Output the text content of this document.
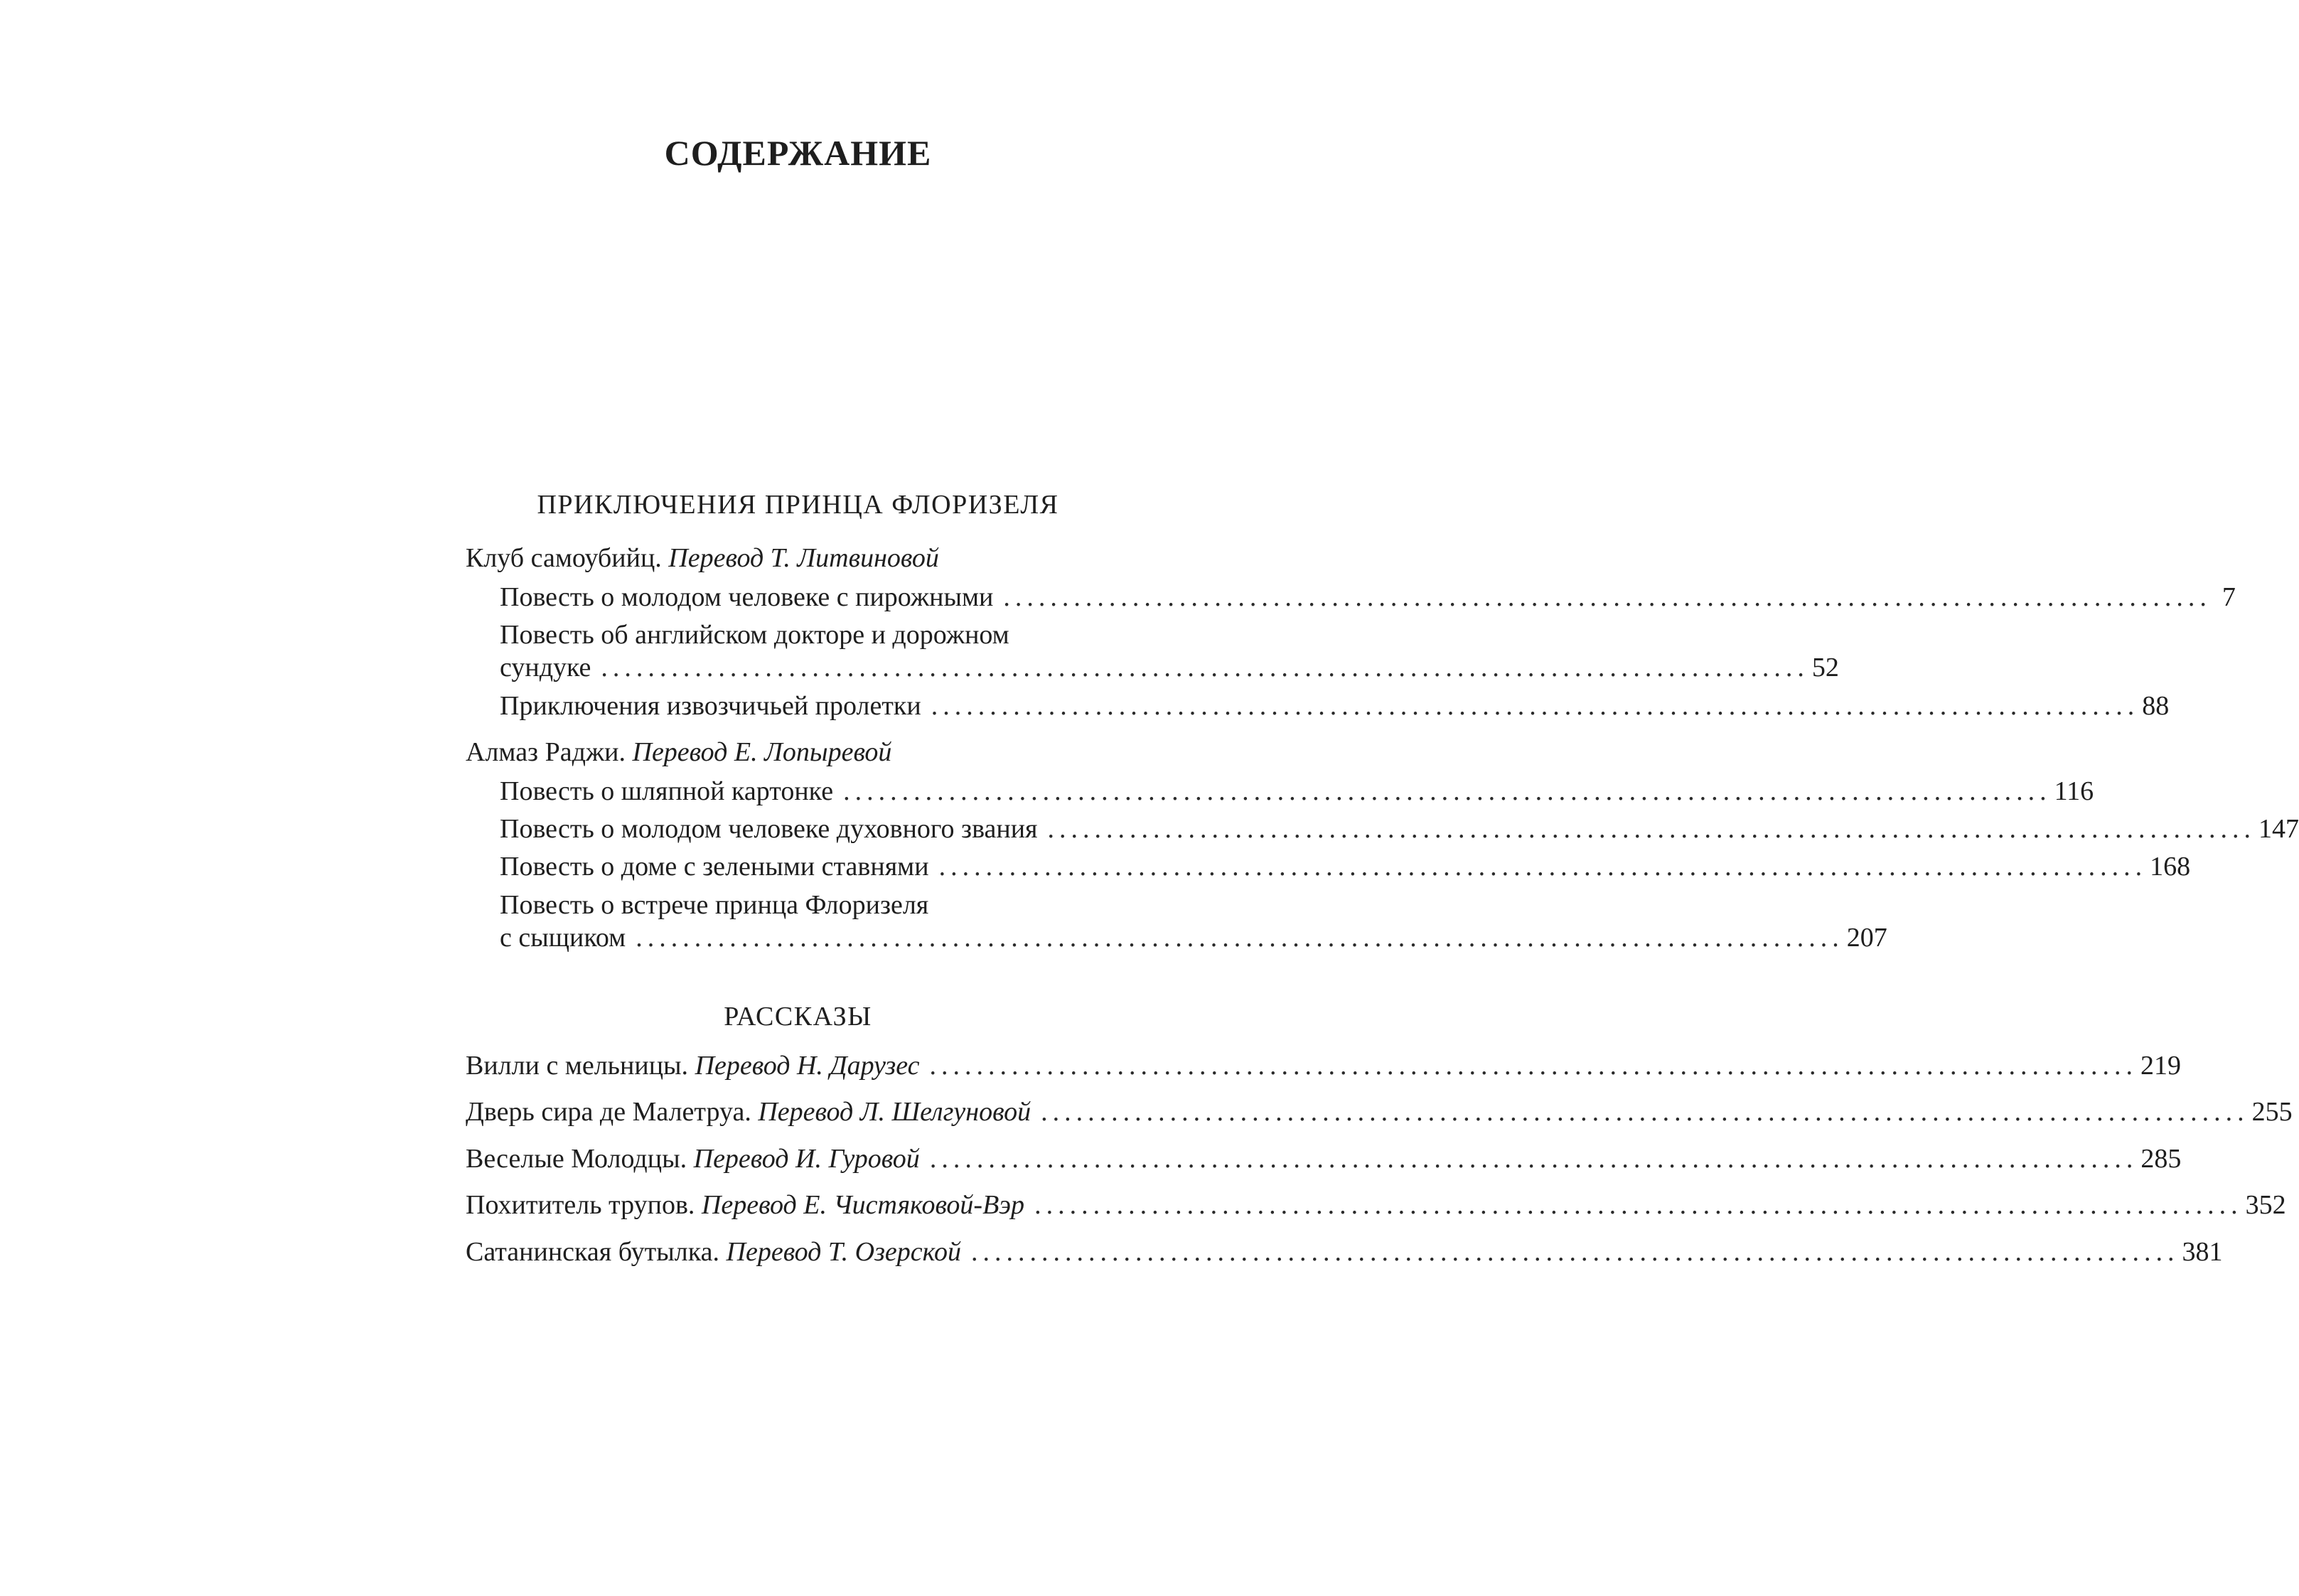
СОДЕРЖАНИЕ
ПРИКЛЮЧЕНИЯ ПРИНЦА ФЛОРИЗЕЛЯ
Клуб самоубийц. Перевод Т. Литвиновой
Повесть о молодом человеке с пирожными ....................................................................................................... 7
Повесть об английском докторе и дорожном
сундуке ....................................................................................................... 52
Приключения извозчичьей пролетки ....................................................................................................... 88
Алмаз Раджи. Перевод Е. Лопыревой
Повесть о шляпной картонке ....................................................................................................... 116
Повесть о молодом человеке духовного звания ....................................................................................................... 147
Повесть о доме с зелеными ставнями ....................................................................................................... 168
Повесть о встрече принца Флоризеля
с сыщиком ....................................................................................................... 207
РАССКАЗЫ
Вилли с мельницы. Перевод Н. Дарузес ....................................................................................................... 219
Дверь сира де Малетруа. Перевод Л. Шелгуновой ....................................................................................................... 255
Веселые Молодцы. Перевод И. Гуровой ....................................................................................................... 285
Похититель трупов. Перевод Е. Чистяковой-Вэр ....................................................................................................... 352
Сатанинская бутылка. Перевод Т. Озерской ....................................................................................................... 381
